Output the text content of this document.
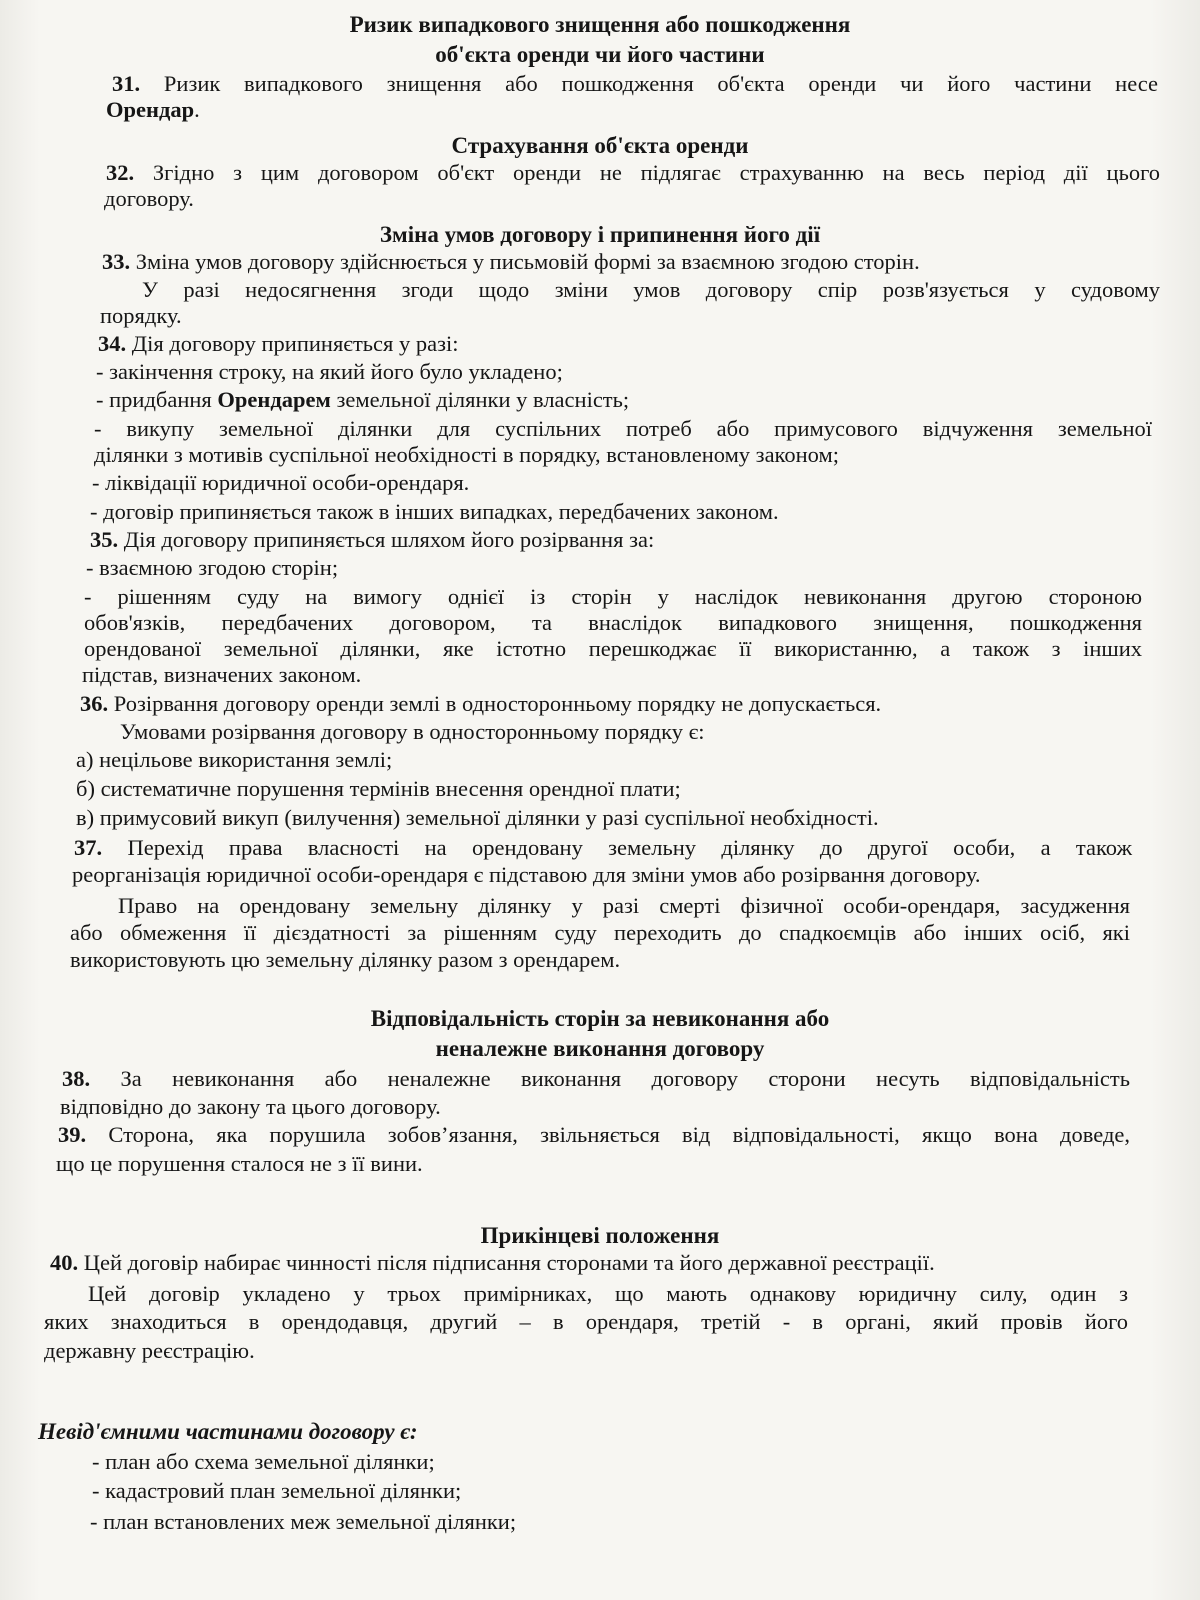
Ризик випадкового знищення або пошкодження
об'єкта оренди чи його частини
31. Ризик випадкового знищення або пошкодження об'єкта оренди чи його частини несе
Орендар.
Страхування об'єкта оренди
32. Згідно з цим договором об'єкт оренди не підлягає страхуванню на весь період дії цього
договору.
Зміна умов договору і припинення його дії
33. Зміна умов договору здійснюється у письмовій формі за взаємною згодою сторін.
У разі недосягнення згоди щодо зміни умов договору спір розв'язується у судовому
порядку.
34. Дія договору припиняється у разі:
- закінчення строку, на який його було укладено;
- придбання Орендарем земельної ділянки у власність;
- викупу земельної ділянки для суспільних потреб або примусового відчуження земельної
ділянки з мотивів суспільної необхідності в порядку, встановленому законом;
- ліквідації юридичної особи-орендаря.
- договір припиняється також в інших випадках, передбачених законом.
35. Дія договору припиняється шляхом його розірвання за:
- взаємною згодою сторін;
- рішенням суду на вимогу однієї із сторін у наслідок невиконання другою стороною
обов'язків, передбачених договором, та внаслідок випадкового знищення, пошкодження
орендованої земельної ділянки, яке істотно перешкоджає її використанню, а також з інших
підстав, визначених законом.
36. Розірвання договору оренди землі в односторонньому порядку не допускається.
Умовами розірвання договору в односторонньому порядку є:
а) нецільове використання землі;
б) систематичне порушення термінів внесення орендної плати;
в) примусовий викуп (вилучення) земельної ділянки у разі суспільної необхідності.
37. Перехід права власності на орендовану земельну ділянку до другої особи, а також
реорганізація юридичної особи-орендаря є підставою для зміни умов або розірвання договору.
Право на орендовану земельну ділянку у разі смерті фізичної особи-орендаря, засудження
або обмеження її дієздатності за рішенням суду переходить до спадкоємців або інших осіб, які
використовують цю земельну ділянку разом з орендарем.
Відповідальність сторін за невиконання або
неналежне виконання договору
38. За невиконання або неналежне виконання договору сторони несуть відповідальність
відповідно до закону та цього договору.
39. Сторона, яка порушила зобов’язання, звільняється від відповідальності, якщо вона доведе,
що це порушення сталося не з її вини.
Прикінцеві положення
40. Цей договір набирає чинності після підписання сторонами та його державної реєстрації.
Цей договір укладено у трьох примірниках, що мають однакову юридичну силу, один з
яких знаходиться в орендодавця, другий – в орендаря, третій - в органі, який провів його
державну реєстрацію.
Невід'ємними частинами договору є:
- план або схема земельної ділянки;
- кадастровий план земельної ділянки;
- план встановлених меж земельної ділянки;
